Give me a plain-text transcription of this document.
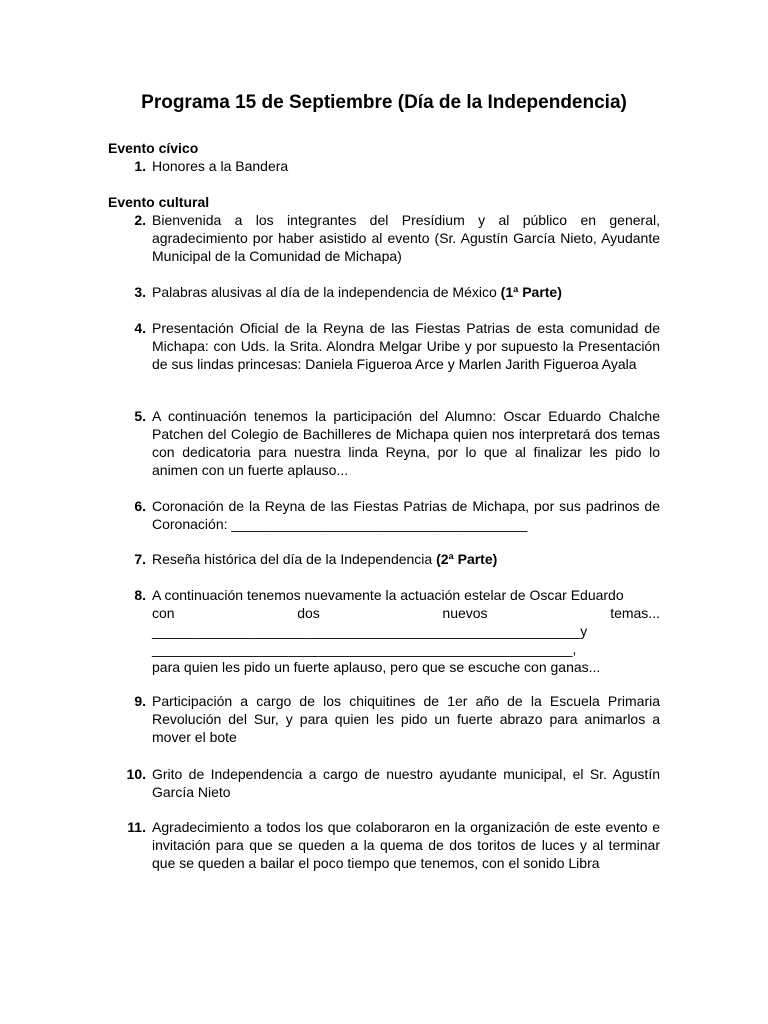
Programa 15 de Septiembre (Día de la Independencia)
Evento cívico
1. Honores a la Bandera
Evento cultural
2. Bienvenida a los integrantes del Presídium y al público en general, agradecimiento por haber asistido al evento (Sr. Agustín García Nieto, Ayudante Municipal de la Comunidad de Michapa)
3. Palabras alusivas al día de la independencia de México (1ª Parte)
4. Presentación Oficial de la Reyna de las Fiestas Patrias de esta comunidad de Michapa: con Uds. la Srita. Alondra Melgar Uribe y por supuesto la Presentación de sus lindas princesas: Daniela Figueroa Arce y Marlen Jarith Figueroa Ayala
5. A continuación tenemos la participación del Alumno: Oscar Eduardo Chalche Patchen del Colegio de Bachilleres de Michapa quien nos interpretará dos temas con dedicatoria para nuestra linda Reyna, por lo que al finalizar les pido lo animen con un fuerte aplauso...
6. Coronación de la Reyna de las Fiestas Patrias de Michapa, por sus padrinos de Coronación: ______________________________________
7. Reseña histórica del día de la Independencia (2ª Parte)
8. A continuación tenemos nuevamente la actuación estelar de Oscar Eduardo
con	dos	nuevos	temas...
_______________________________________________________y
______________________________________________________,
para quien les pido un fuerte aplauso, pero que se escuche con ganas...
9. Participación a cargo de los chiquitines de 1er año de la Escuela Primaria Revolución del Sur, y para quien les pido un fuerte abrazo para animarlos a mover el bote
10. Grito de Independencia a cargo de nuestro ayudante municipal, el Sr. Agustín García Nieto
11. Agradecimiento a todos los que colaboraron en la organización de este evento e invitación para que se queden a la quema de dos toritos de luces y al terminar que se queden a bailar el poco tiempo que tenemos, con el sonido Libra
